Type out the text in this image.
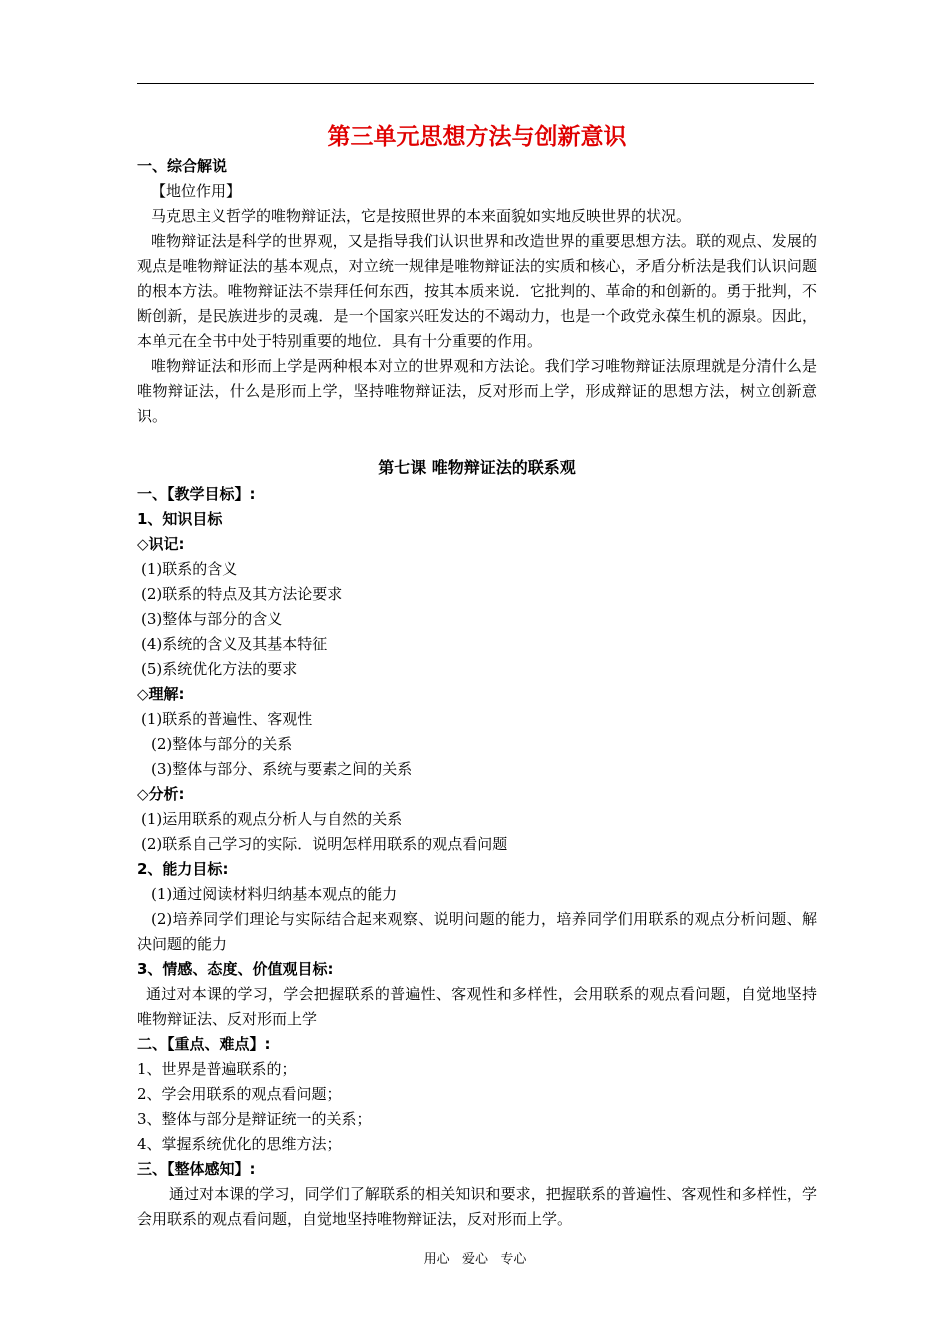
第三单元思想方法与创新意识

一、综合解说

【地位作用】

马克思主义哲学的唯物辩证法，它是按照世界的本来面貌如实地反映世界的状况。

唯物辩证法是科学的世界观，又是指导我们认识世界和改造世界的重要思想方法。联的观点、发展的观点是唯物辩证法的基本观点，对立统一规律是唯物辩证法的实质和核心，矛盾分析法是我们认识问题的根本方法。唯物辩证法不崇拜任何东西，按其本质来说．它批判的、革命的和创新的。勇于批判，不断创新，是民族进步的灵魂．是一个国家兴旺发达的不竭动力，也是一个政党永葆生机的源泉。因此，本单元在全书中处于特别重要的地位．具有十分重要的作用。

唯物辩证法和形而上学是两种根本对立的世界观和方法论。我们学习唯物辩证法原理就是分清什么是唯物辩证法，什么是形而上学，坚持唯物辩证法，反对形而上学，形成辩证的思想方法，树立创新意识。

第七课 唯物辩证法的联系观

一、【教学目标】:

1、知识目标

◇识记:

(1)联系的含义

(2)联系的特点及其方法论要求

(3)整体与部分的含义

(4)系统的含义及其基本特征

(5)系统优化方法的要求

◇理解:

(1)联系的普遍性、客观性

(2)整体与部分的关系

(3)整体与部分、系统与要素之间的关系

◇分析:

(1)运用联系的观点分析人与自然的关系

(2)联系自己学习的实际．说明怎样用联系的观点看问题

2、能力目标:

(1)通过阅读材料归纳基本观点的能力

(2)培养同学们理论与实际结合起来观察、说明问题的能力，培养同学们用联系的观点分析问题、解决问题的能力

3、情感、态度、价值观目标:

通过对本课的学习，学会把握联系的普遍性、客观性和多样性，会用联系的观点看问题，自觉地坚持唯物辩证法、反对形而上学

二、【重点、难点】:

1、世界是普遍联系的；

2、学会用联系的观点看问题；

3、整体与部分是辩证统一的关系；

4、掌握系统优化的思维方法；

三、【整体感知】:

通过对本课的学习，同学们了解联系的相关知识和要求，把握联系的普遍性、客观性和多样性，学会用联系的观点看问题，自觉地坚持唯物辩证法，反对形而上学。

用心   爱心   专心
